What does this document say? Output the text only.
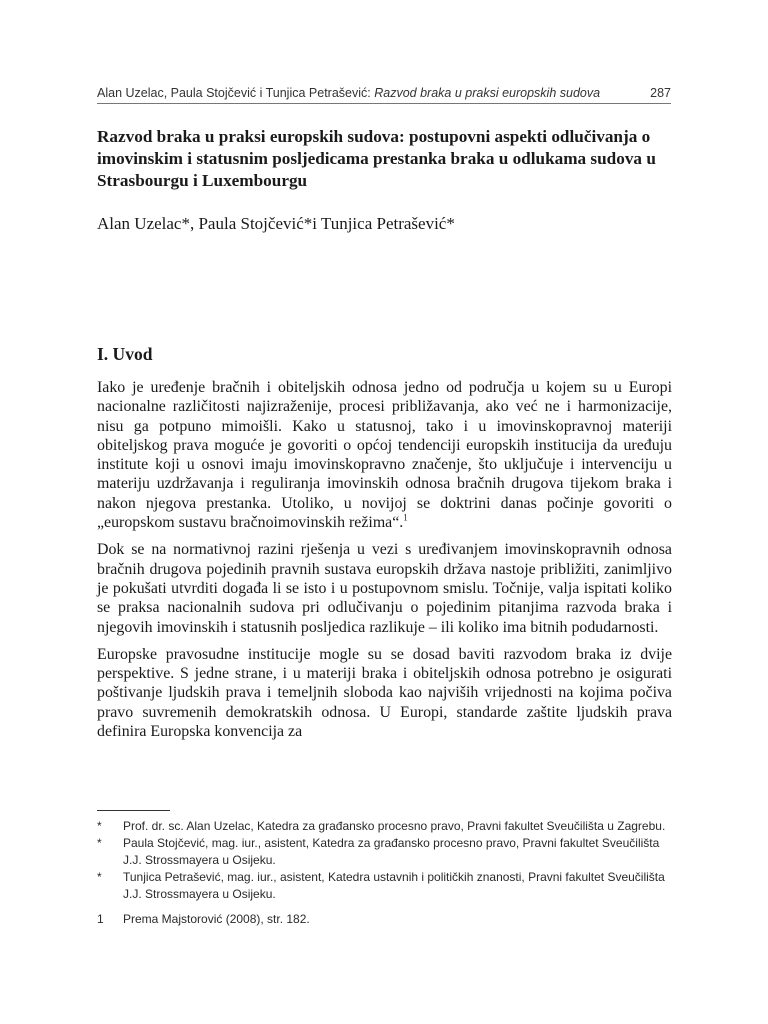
Alan Uzelac, Paula Stojčević i Tunjica Petrašević: Razvod braka u praksi europskih sudova	287
Razvod braka u praksi europskih sudova: postupovni aspekti odlučivanja o imovinskim i statusnim posljedicama prestanka braka u odlukama sudova u Strasbourgu i Luxembourgu

Alan Uzelac*, Paula Stojčević*i Tunjica Petrašević*

I. Uvod

Iako je uređenje bračnih i obiteljskih odnosa jedno od područja u kojem su u Europi nacionalne različitosti najizraženije, procesi približavanja, ako već ne i harmonizacije, nisu ga potpuno mimoišli. Kako u statusnoj, tako i u imovinskopravnoj materiji obiteljskog prava moguće je govoriti o općoj tendenciji europskih institucija da uređuju institute koji u osnovi imaju imovinskopravno značenje, što uključuje i intervenciju u materiju uzdržavanja i reguliranja imovinskih odnosa bračnih drugova tijekom braka i nakon njegova prestanka. Utoliko, u novijoj se doktrini danas počinje govoriti o „europskom sustavu bračnoimovinskih režima“.$^1$

Dok se na normativnoj razini rješenja u vezi s uređivanjem imovinskopravnih odnosa bračnih drugova pojedinih pravnih sustava europskih država nastoje približiti, zanimljivo je pokušati utvrditi događa li se isto i u postupovnom smislu. Točnije, valja ispitati koliko se praksa nacionalnih sudova pri odlučivanju o pojedinim pitanjima razvoda braka i njegovih imovinskih i statusnih posljedica razlikuje – ili koliko ima bitnih podudarnosti.

Europske pravosudne institucije mogle su se dosad baviti razvodom braka iz dvije perspektive. S jedne strane, i u materiji braka i obiteljskih odnosa potrebno je osigurati poštivanje ljudskih prava i temeljnih sloboda kao najviših vrijednosti na kojima počiva pravo suvremenih demokratskih odnosa. U Europi, standarde zaštite ljudskih prava definira Europska konvencija za

*	Prof. dr. sc. Alan Uzelac, Katedra za građansko procesno pravo, Pravni fakultet Sveučilišta u Zagrebu.
*	Paula Stojčević, mag. iur., asistent, Katedra za građansko procesno pravo, Pravni fakultet Sveučilišta J.J. Strossmayera u Osijeku.
*	Tunjica Petrašević, mag. iur., asistent, Katedra ustavnih i političkih znanosti, Pravni fakultet Sveučilišta J.J. Strossmayera u Osijeku.
1	Prema Majstorović (2008), str. 182.
